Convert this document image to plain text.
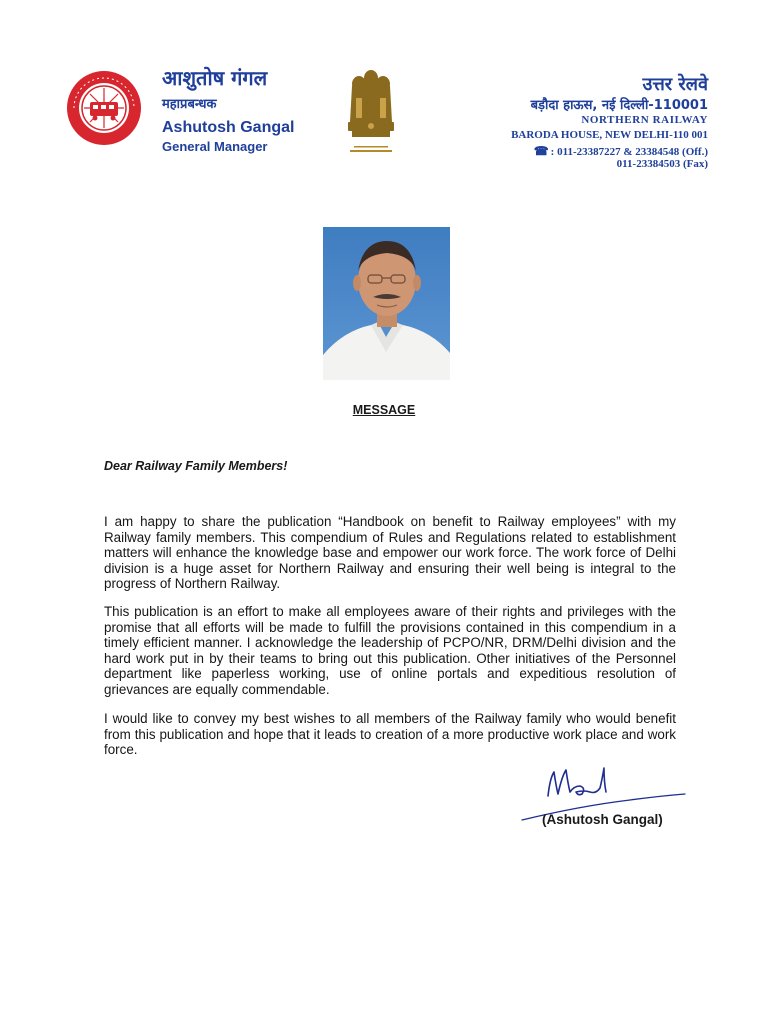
आशुतोष गंगल
महाप्रबन्धक
Ashutosh Gangal
General Manager
उत्तर रेलवे
बड़ौदा हाऊस, नई दिल्ली-110001
NORTHERN RAILWAY
BARODA HOUSE, NEW DELHI-110 001
☎ : 011-23387227 & 23384548 (Off.)
011-23384503 (Fax)
MESSAGE
Dear Railway Family Members!
I am happy to share the publication “Handbook on benefit to Railway employees” with my Railway family members. This compendium of Rules and Regulations related to establishment matters will enhance the knowledge base and empower our work force. The work force of Delhi division is a huge asset for Northern Railway and ensuring their well being is integral to the progress of Northern Railway.
This publication is an effort to make all employees aware of their rights and privileges with the promise that all efforts will be made to fulfill the provisions contained in this compendium in a timely efficient manner. I acknowledge the leadership of PCPO/NR, DRM/Delhi division and the hard work put in by their teams to bring out this publication. Other initiatives of the Personnel department like paperless working, use of online portals and expeditious resolution of grievances are equally commendable.
I would like to convey my best wishes to all members of the Railway family who would benefit from this publication and hope that it leads to creation of a more productive work place and work force.
(Ashutosh Gangal)
